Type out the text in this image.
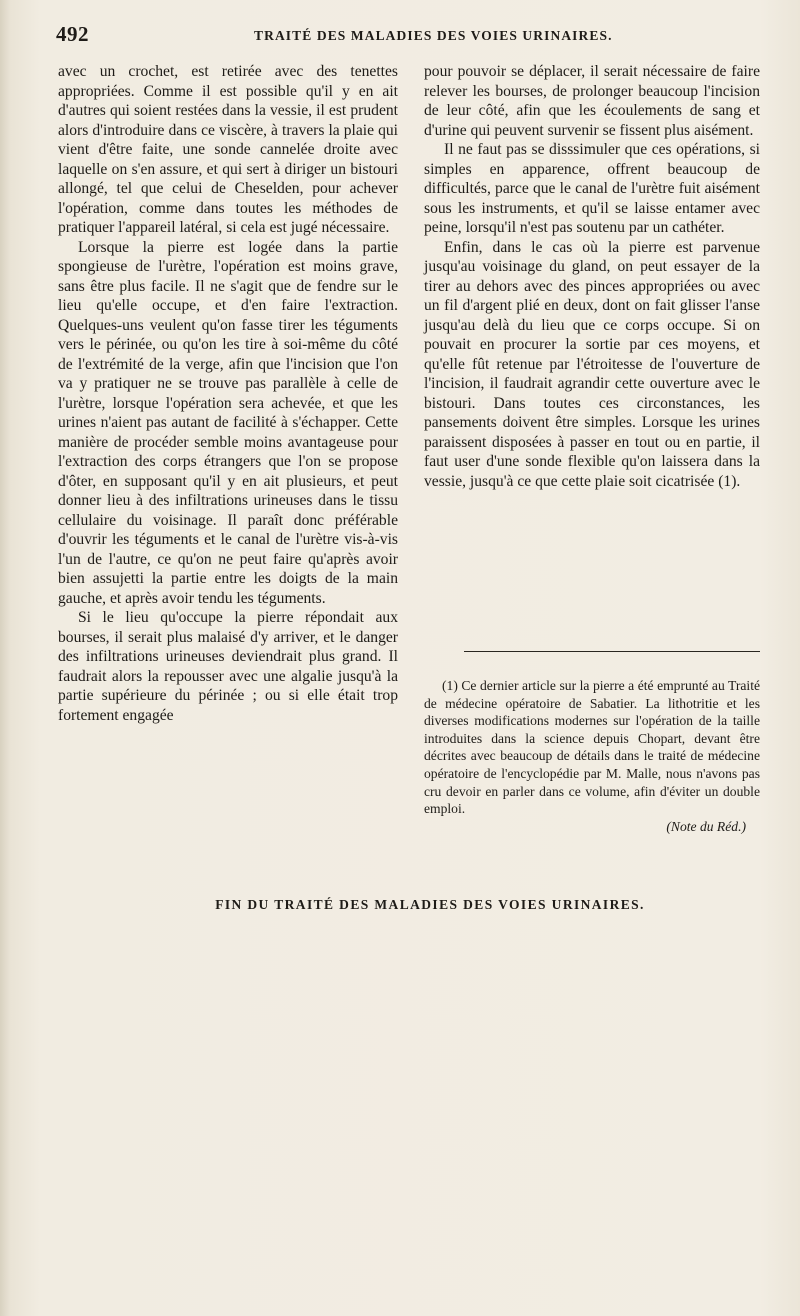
492	TRAITÉ DES MALADIES DES VOIES URINAIRES.

avec un crochet, est retirée avec des tenettes appropriées. Comme il est possible qu'il y en ait d'autres qui soient restées dans la vessie, il est prudent alors d'introduire dans ce viscère, à travers la plaie qui vient d'être faite, une sonde cannelée droite avec laquelle on s'en assure, et qui sert à diriger un bistouri allongé, tel que celui de Cheselden, pour achever l'opération, comme dans toutes les méthodes de pratiquer l'appareil latéral, si cela est jugé nécessaire.

Lorsque la pierre est logée dans la partie spongieuse de l'urètre, l'opération est moins grave, sans être plus facile. Il ne s'agit que de fendre sur le lieu qu'elle occupe, et d'en faire l'extraction. Quelques-uns veulent qu'on fasse tirer les téguments vers le périnée, ou qu'on les tire à soi-même du côté de l'extrémité de la verge, afin que l'incision que l'on va y pratiquer ne se trouve pas parallèle à celle de l'urètre, lorsque l'opération sera achevée, et que les urines n'aient pas autant de facilité à s'échapper. Cette manière de procéder semble moins avantageuse pour l'extraction des corps étrangers que l'on se propose d'ôter, en supposant qu'il y en ait plusieurs, et peut donner lieu à des infiltrations urineuses dans le tissu cellulaire du voisinage. Il paraît donc préférable d'ouvrir les téguments et le canal de l'urètre vis-à-vis l'un de l'autre, ce qu'on ne peut faire qu'après avoir bien assujetti la partie entre les doigts de la main gauche, et après avoir tendu les téguments.

Si le lieu qu'occupe la pierre répondait aux bourses, il serait plus malaisé d'y arriver, et le danger des infiltrations urineuses deviendrait plus grand. Il faudrait alors la repousser avec une algalie jusqu'à la partie supérieure du périnée ; ou si elle était trop fortement engagée

pour pouvoir se déplacer, il serait nécessaire de faire relever les bourses, de prolonger beaucoup l'incision de leur côté, afin que les écoulements de sang et d'urine qui peuvent survenir se fissent plus aisément.

Il ne faut pas se disssimuler que ces opérations, si simples en apparence, offrent beaucoup de difficultés, parce que le canal de l'urètre fuit aisément sous les instruments, et qu'il se laisse entamer avec peine, lorsqu'il n'est pas soutenu par un cathéter.

Enfin, dans le cas où la pierre est parvenue jusqu'au voisinage du gland, on peut essayer de la tirer au dehors avec des pinces appropriées ou avec un fil d'argent plié en deux, dont on fait glisser l'anse jusqu'au delà du lieu que ce corps occupe. Si on pouvait en procurer la sortie par ces moyens, et qu'elle fût retenue par l'étroitesse de l'ouverture de l'incision, il faudrait agrandir cette ouverture avec le bistouri. Dans toutes ces circonstances, les pansements doivent être simples. Lorsque les urines paraissent disposées à passer en tout ou en partie, il faut user d'une sonde flexible qu'on laissera dans la vessie, jusqu'à ce que cette plaie soit cicatrisée (1).

(1) Ce dernier article sur la pierre a été emprunté au Traité de médecine opératoire de Sabatier. La lithotritie et les diverses modifications modernes sur l'opération de la taille introduites dans la science depuis Chopart, devant être décrites avec beaucoup de détails dans le traité de médecine opératoire de l'encyclopédie par M. Malle, nous n'avons pas cru devoir en parler dans ce volume, afin d'éviter un double emploi.

(Note du Réd.)
FIN DU TRAITÉ DES MALADIES DES VOIES URINAIRES.
